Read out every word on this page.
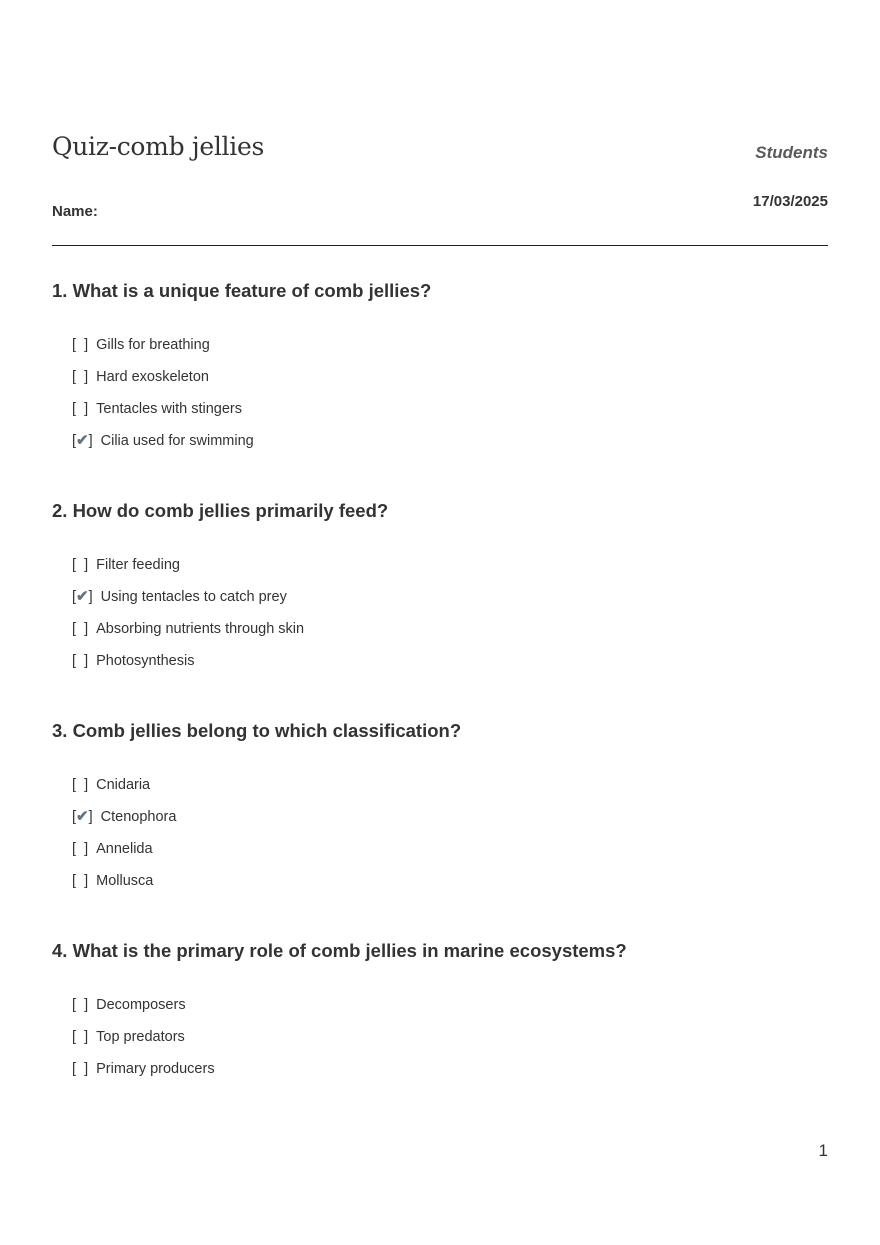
Quiz-comb jellies	Students
17/03/2025
Name:
1. What is a unique feature of comb jellies?
[  ] Gills for breathing
[  ] Hard exoskeleton
[  ] Tentacles with stingers
[✔] Cilia used for swimming
2. How do comb jellies primarily feed?
[  ] Filter feeding
[✔] Using tentacles to catch prey
[  ] Absorbing nutrients through skin
[  ] Photosynthesis
3. Comb jellies belong to which classification?
[  ] Cnidaria
[✔] Ctenophora
[  ] Annelida
[  ] Mollusca
4. What is the primary role of comb jellies in marine ecosystems?
[  ] Decomposers
[  ] Top predators
[  ] Primary producers
1
